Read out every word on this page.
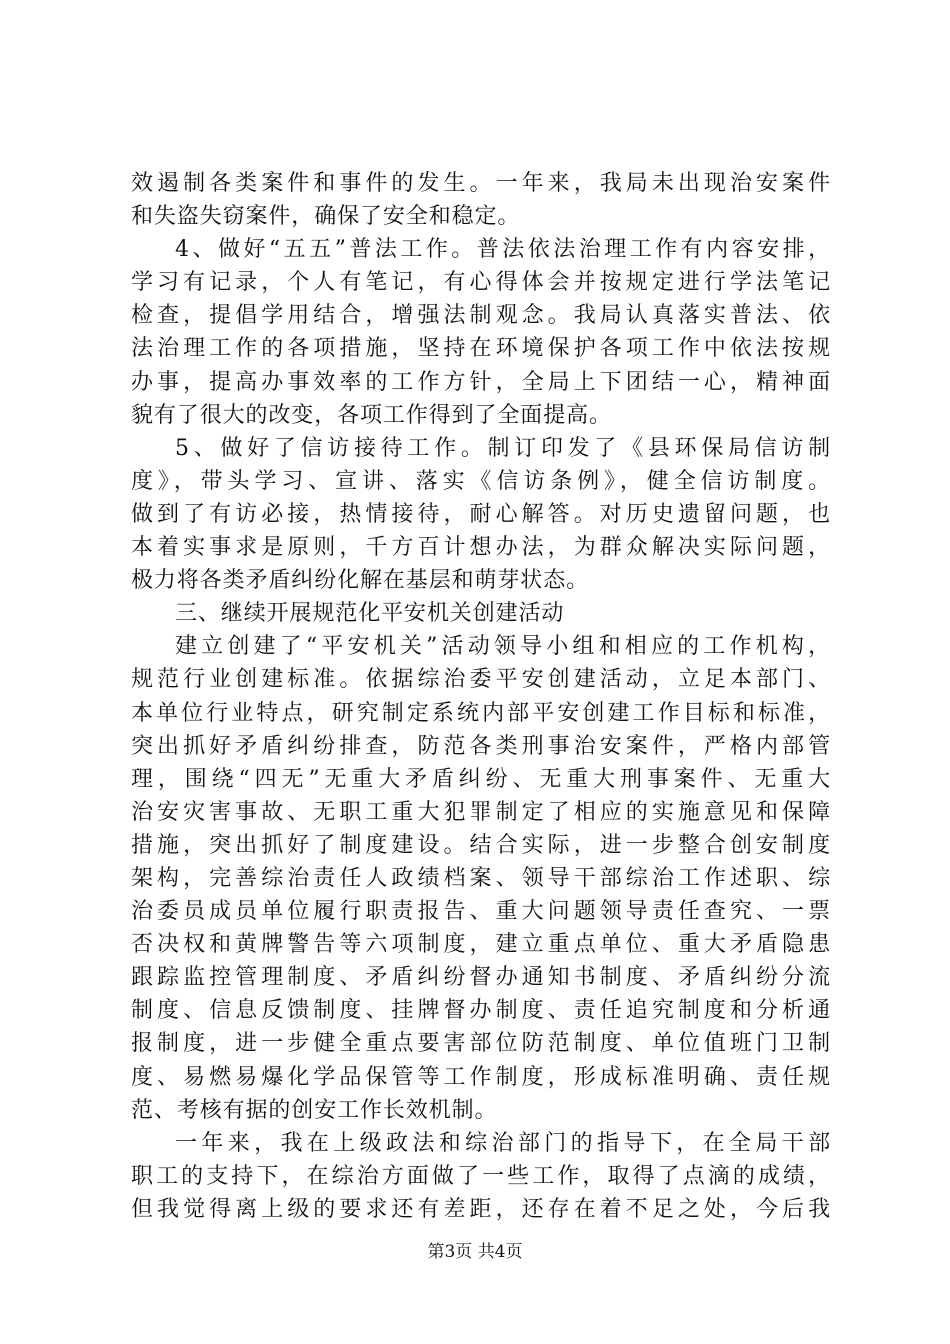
效遏制各类案件和事件的发生。一年来，我局未出现治安案件
和失盗失窃案件，确保了安全和稳定。
4、做好“五五”普法工作。普法依法治理工作有内容安排，
学习有记录，个人有笔记，有心得体会并按规定进行学法笔记
检查，提倡学用结合，增强法制观念。我局认真落实普法、依
法治理工作的各项措施，坚持在环境保护各项工作中依法按规
办事，提高办事效率的工作方针，全局上下团结一心，精神面
貌有了很大的改变，各项工作得到了全面提高。
5、做好了信访接待工作。制订印发了《县环保局信访制
度》，带头学习、宣讲、落实《信访条例》，健全信访制度。
做到了有访必接，热情接待，耐心解答。对历史遗留问题，也
本着实事求是原则，千方百计想办法，为群众解决实际问题，
极力将各类矛盾纠纷化解在基层和萌芽状态。
三、继续开展规范化平安机关创建活动
建立创建了“平安机关”活动领导小组和相应的工作机构，
规范行业创建标准。依据综治委平安创建活动，立足本部门、
本单位行业特点，研究制定系统内部平安创建工作目标和标准，
突出抓好矛盾纠纷排查，防范各类刑事治安案件，严格内部管
理，围绕“四无”无重大矛盾纠纷、无重大刑事案件、无重大
治安灾害事故、无职工重大犯罪制定了相应的实施意见和保障
措施，突出抓好了制度建设。结合实际，进一步整合创安制度
架构，完善综治责任人政绩档案、领导干部综治工作述职、综
治委员成员单位履行职责报告、重大问题领导责任查究、一票
否决权和黄牌警告等六项制度，建立重点单位、重大矛盾隐患
跟踪监控管理制度、矛盾纠纷督办通知书制度、矛盾纠纷分流
制度、信息反馈制度、挂牌督办制度、责任追究制度和分析通
报制度，进一步健全重点要害部位防范制度、单位值班门卫制
度、易燃易爆化学品保管等工作制度，形成标准明确、责任规
范、考核有据的创安工作长效机制。
一年来，我在上级政法和综治部门的指导下，在全局干部
职工的支持下，在综治方面做了一些工作，取得了点滴的成绩，
但我觉得离上级的要求还有差距，还存在着不足之处，今后我
第3页 共4页
